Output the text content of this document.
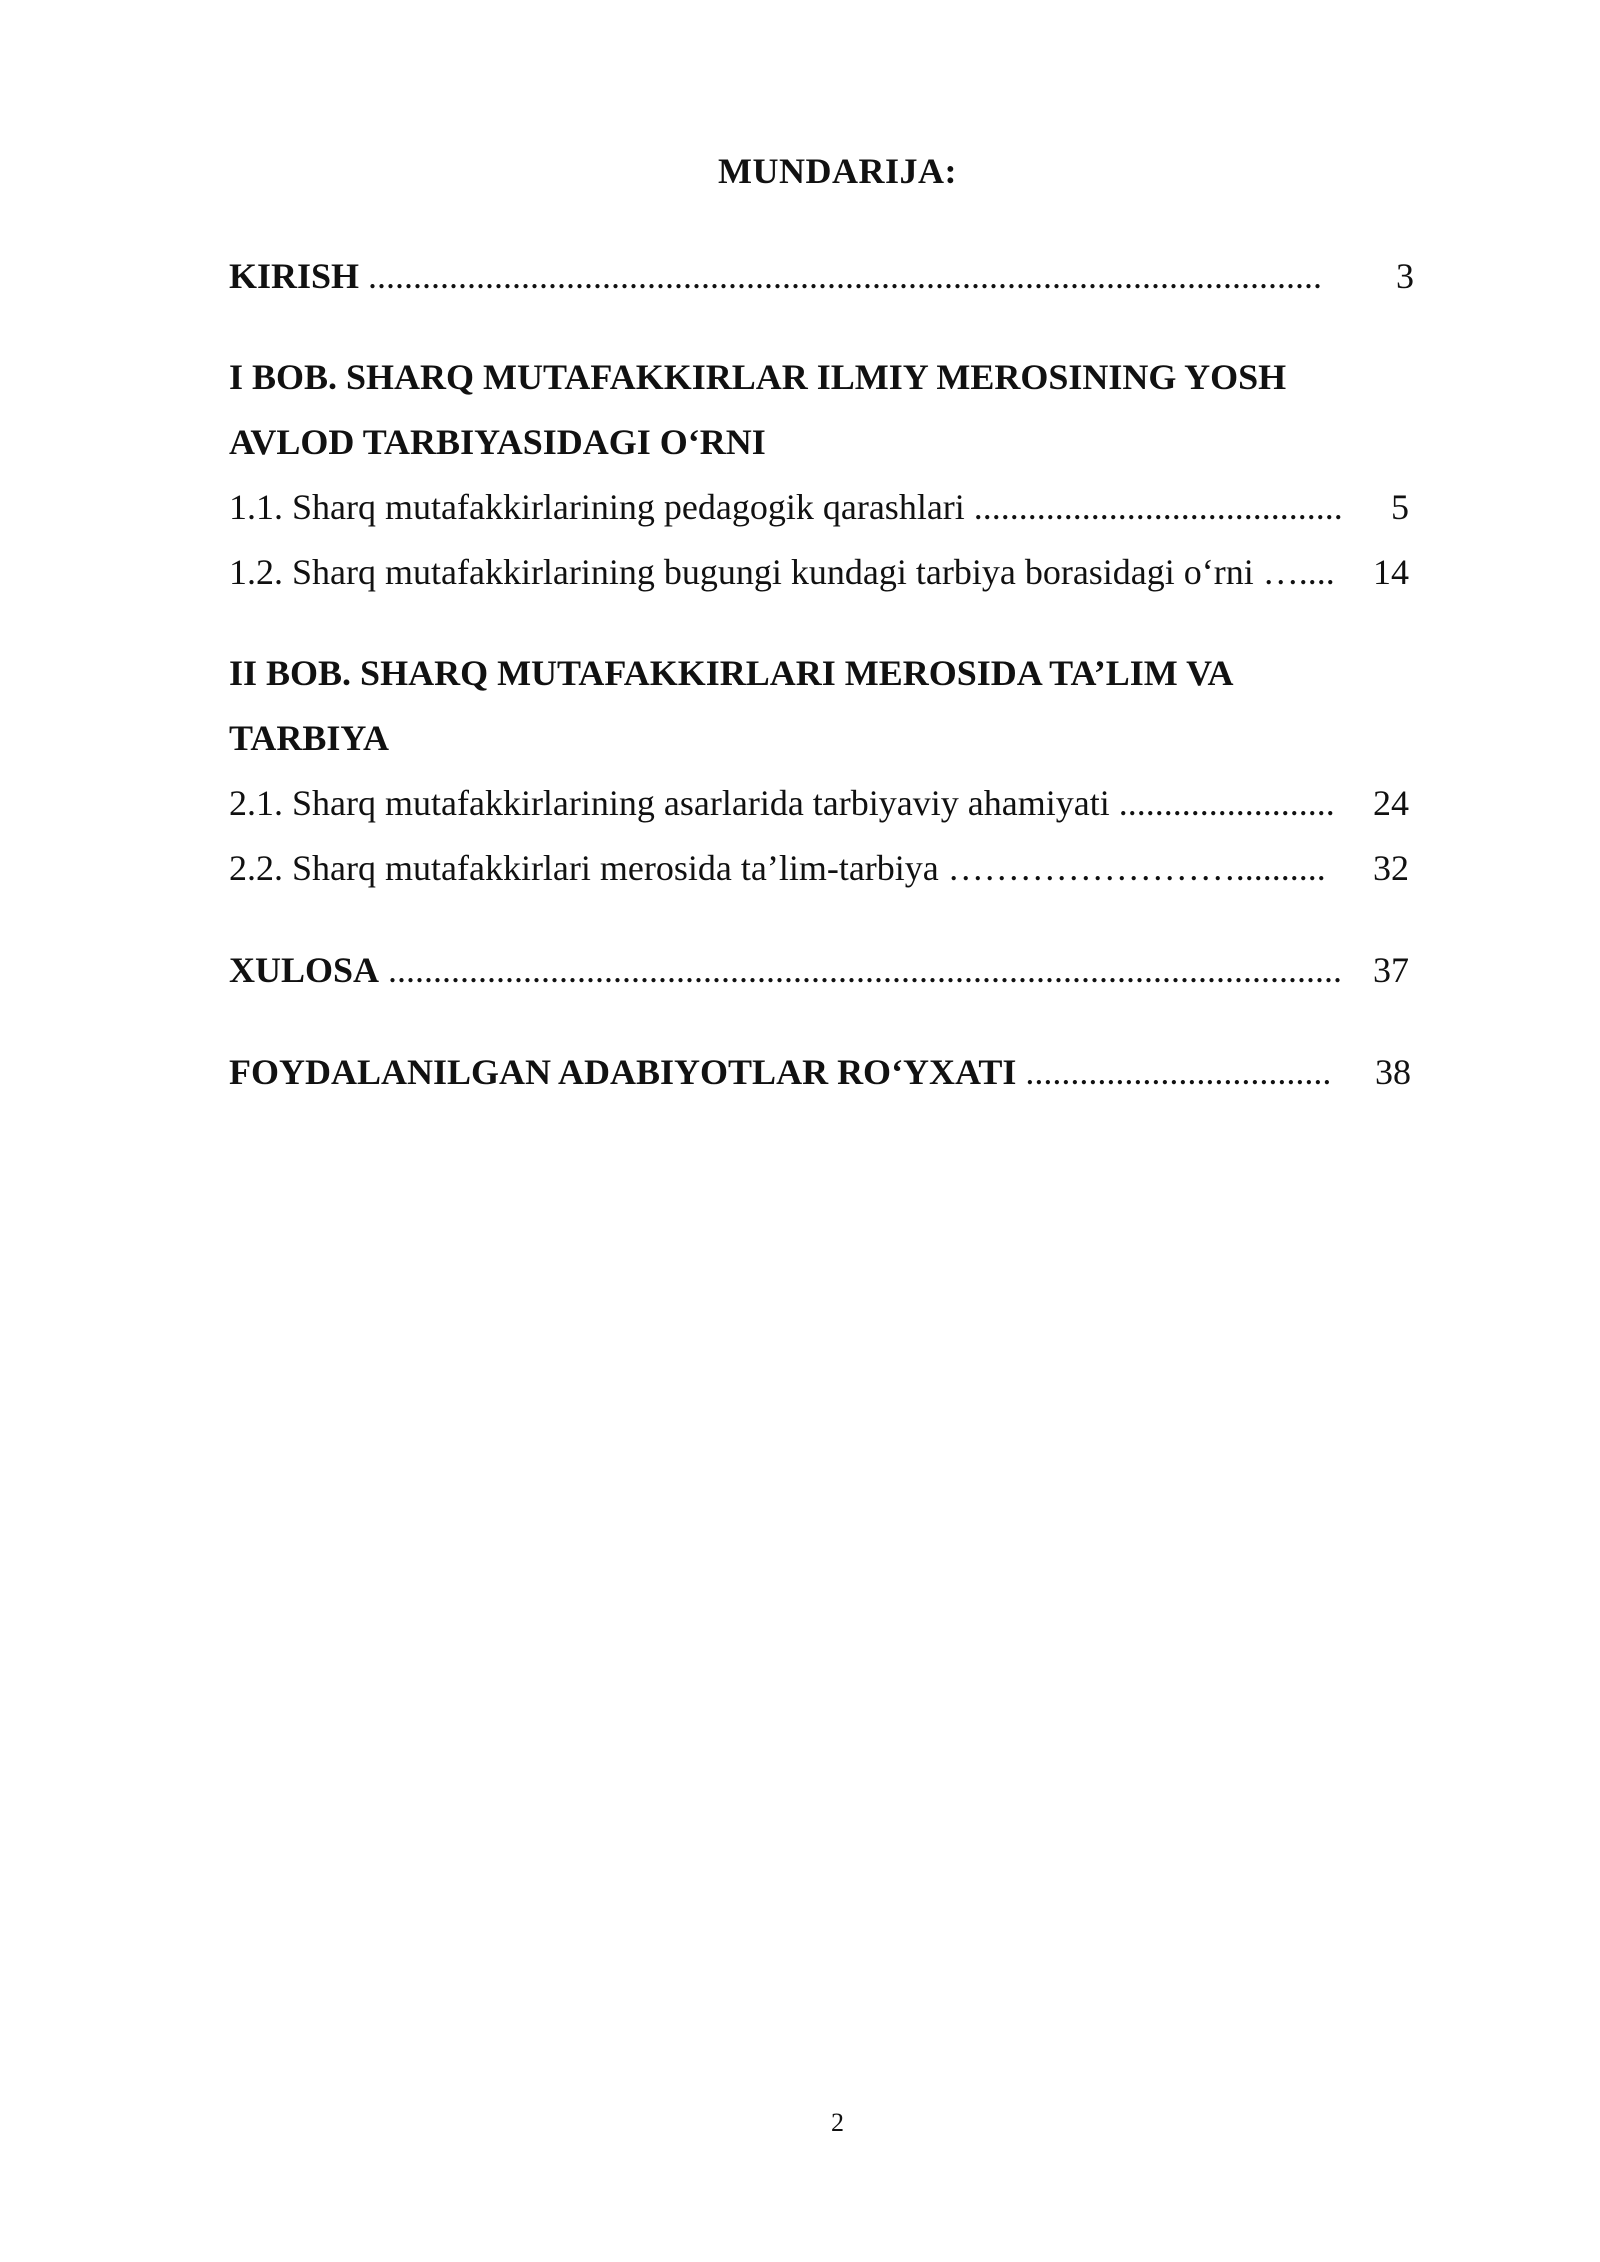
MUNDARIJA:
KIRISH .......................................................................................................... 3
I BOB. SHARQ MUTAFAKKIRLAR ILMIY MEROSINING YOSH
AVLOD TARBIYASIDAGI O‘RNI
1.1. Sharq mutafakkirlarining pedagogik qarashlari ......................................... 5
1.2. Sharq mutafakkirlarining bugungi kundagi tarbiya borasidagi o‘rni ….... 14
II BOB. SHARQ MUTAFAKKIRLARI MEROSIDA TA’LIM VA
TARBIYA
2.1. Sharq mutafakkirlarining asarlarida tarbiyaviy ahamiyati ........................ 24
2.2. Sharq mutafakkirlari merosida ta’lim-tarbiya …………………….......... 32
XULOSA .......................................................................................................... 37
FOYDALANILGAN ADABIYOTLAR RO‘YXATI .................................. 38
2
